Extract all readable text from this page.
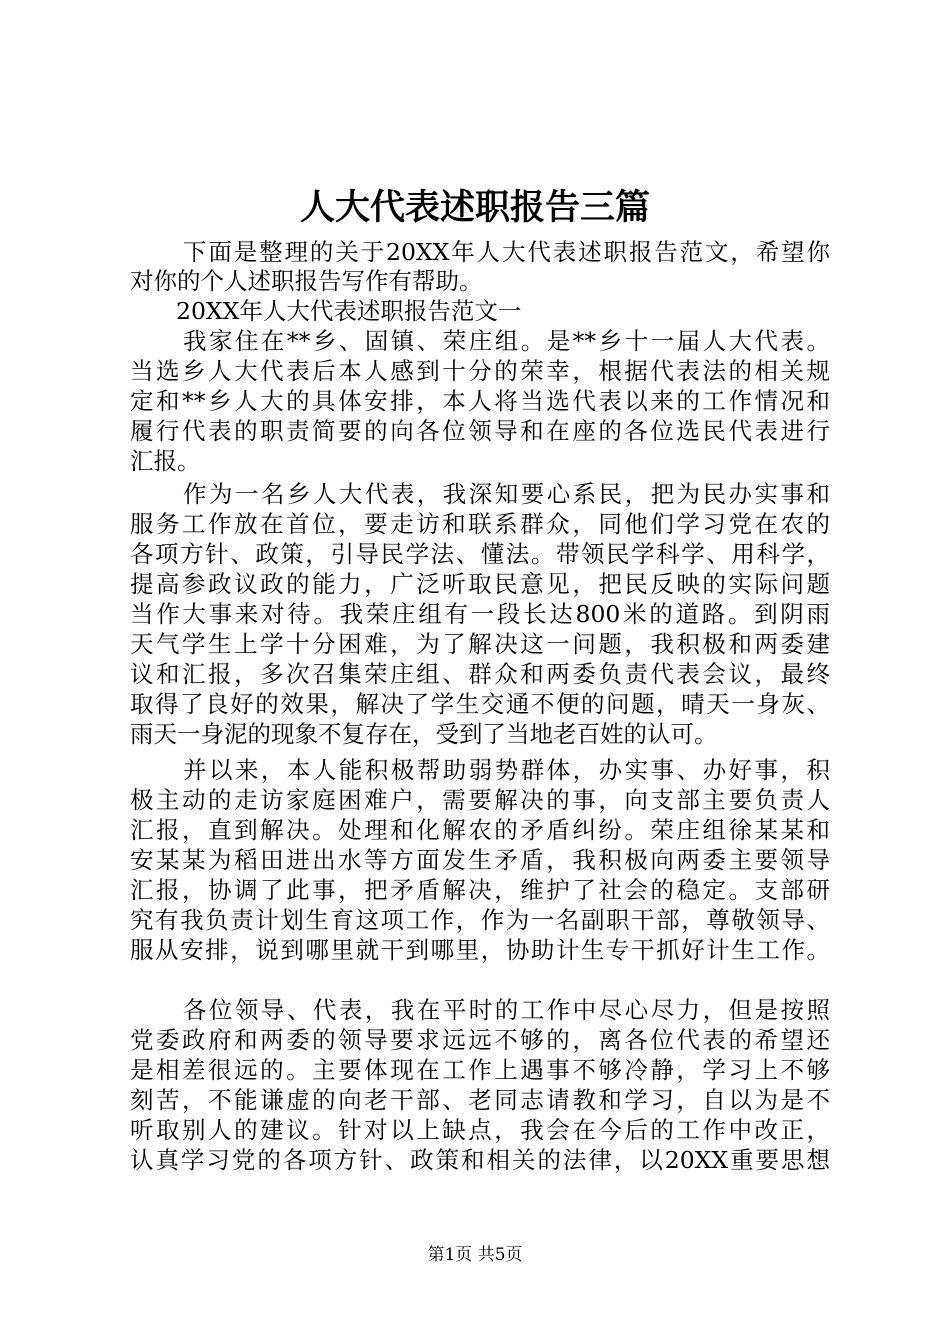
人大代表述职报告三篇
下面是整理的关于20XX年人大代表述职报告范文，希望你
对你的个人述职报告写作有帮助。
20XX年人大代表述职报告范文一
我家住在**乡、固镇、荣庄组。是**乡十一届人大代表。
当选乡人大代表后本人感到十分的荣幸，根据代表法的相关规
定和**乡人大的具体安排，本人将当选代表以来的工作情况和
履行代表的职责简要的向各位领导和在座的各位选民代表进行
汇报。
作为一名乡人大代表，我深知要心系民，把为民办实事和
服务工作放在首位，要走访和联系群众，同他们学习党在农的
各项方针、政策，引导民学法、懂法。带领民学科学、用科学，
提高参政议政的能力，广泛听取民意见，把民反映的实际问题
当作大事来对待。我荣庄组有一段长达800米的道路。到阴雨
天气学生上学十分困难，为了解决这一问题，我积极和两委建
议和汇报，多次召集荣庄组、群众和两委负责代表会议，最终
取得了良好的效果，解决了学生交通不便的问题，晴天一身灰、
雨天一身泥的现象不复存在，受到了当地老百姓的认可。
并以来，本人能积极帮助弱势群体，办实事、办好事，积
极主动的走访家庭困难户，需要解决的事，向支部主要负责人
汇报，直到解决。处理和化解农的矛盾纠纷。荣庄组徐某某和
安某某为稻田进出水等方面发生矛盾，我积极向两委主要领导
汇报，协调了此事，把矛盾解决，维护了社会的稳定。支部研
究有我负责计划生育这项工作，作为一名副职干部，尊敬领导、
服从安排，说到哪里就干到哪里，协助计生专干抓好计生工作。
各位领导、代表，我在平时的工作中尽心尽力，但是按照
党委政府和两委的领导要求远远不够的，离各位代表的希望还
是相差很远的。主要体现在工作上遇事不够冷静，学习上不够
刻苦，不能谦虚的向老干部、老同志请教和学习，自以为是不
听取别人的建议。针对以上缺点，我会在今后的工作中改正，
认真学习党的各项方针、政策和相关的法律，以20XX重要思想
第1页 共5页
